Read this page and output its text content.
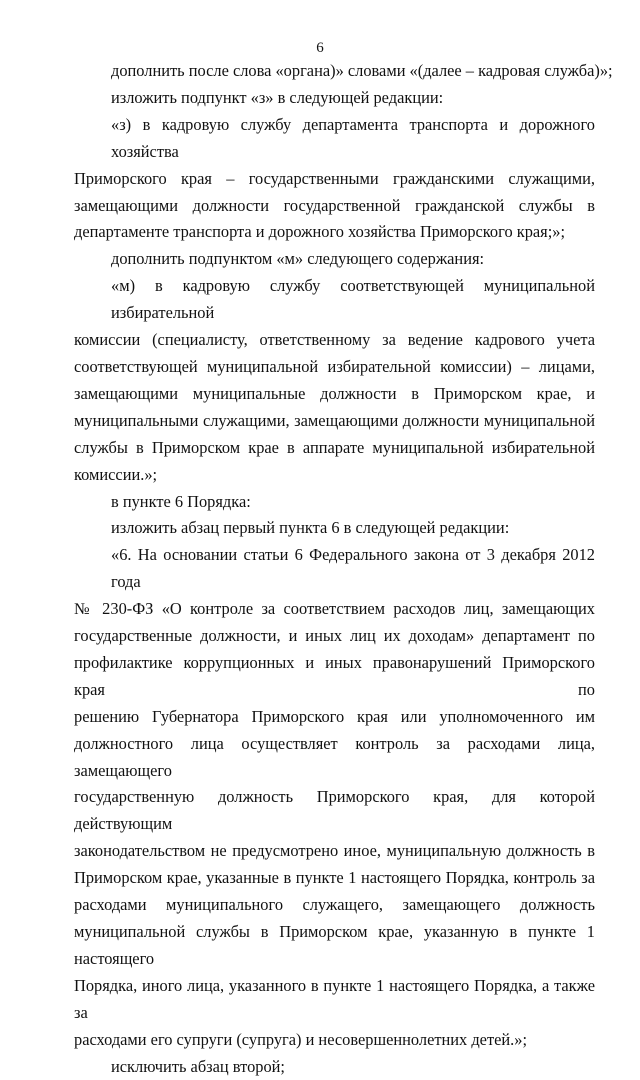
6
дополнить после слова «органа)» словами «(далее – кадровая служба)»;
изложить подпункт «з» в следующей редакции:
«з) в кадровую службу департамента транспорта и дорожного хозяйства
Приморского края – государственными гражданскими служащими,
замещающими должности государственной гражданской службы в
департаменте транспорта и дорожного хозяйства Приморского края;»;
дополнить подпунктом «м» следующего содержания:
«м) в кадровую службу соответствующей муниципальной избирательной
комиссии (специалисту, ответственному за ведение кадрового учета
соответствующей муниципальной избирательной комиссии) – лицами,
замещающими муниципальные должности в Приморском крае, и
муниципальными служащими, замещающими должности муниципальной
службы в Приморском крае в аппарате муниципальной избирательной
комиссии.»;
в пункте 6 Порядка:
изложить абзац первый пункта 6 в следующей редакции:
«6. На основании статьи 6 Федерального закона от 3 декабря 2012 года
№ 230-ФЗ «О контроле за соответствием расходов лиц, замещающих
государственные должности, и иных лиц их доходам» департамент по
профилактике коррупционных и иных правонарушений Приморского края по
решению Губернатора Приморского края или уполномоченного им
должностного лица осуществляет контроль за расходами лица, замещающего
государственную должность Приморского края, для которой действующим
законодательством не предусмотрено иное, муниципальную должность в
Приморском крае, указанные в пункте 1 настоящего Порядка, контроль за
расходами муниципального служащего, замещающего должность
муниципальной службы в Приморском крае, указанную в пункте 1 настоящего
Порядка, иного лица, указанного в пункте 1 настоящего Порядка, а также за
расходами его супруги (супруга) и несовершеннолетних детей.»;
исключить абзац второй;
